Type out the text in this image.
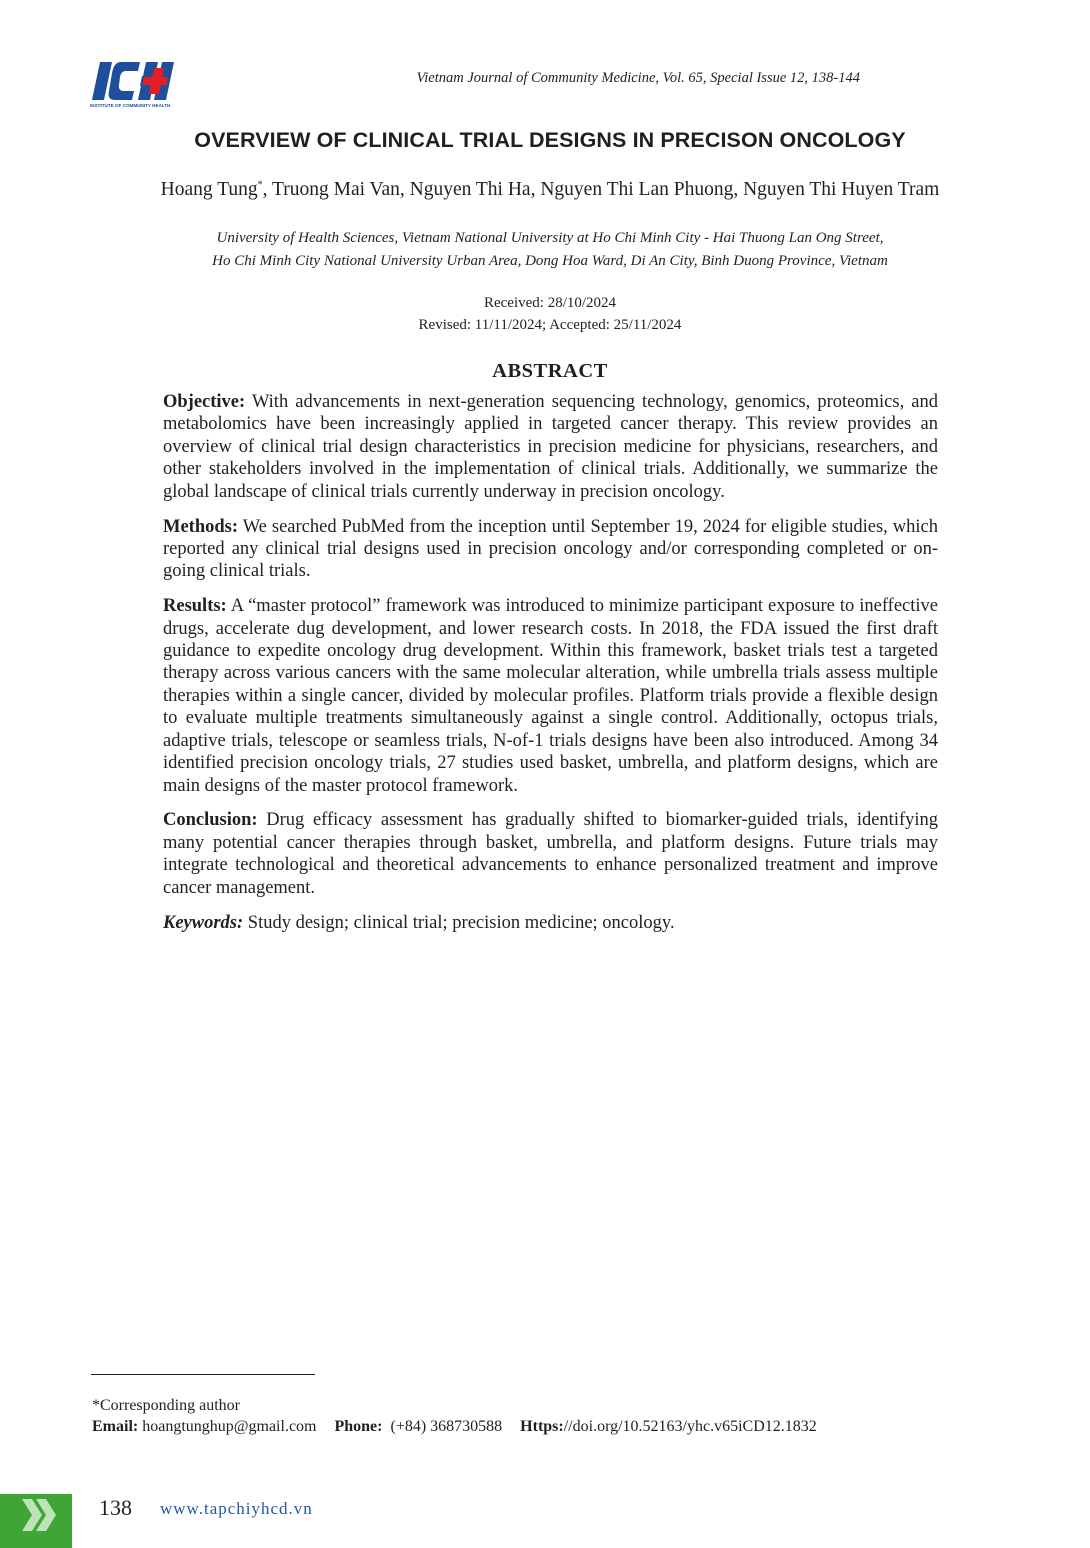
INSTITUTE OF COMMUNITY HEALTH
Vietnam Journal of Community Medicine, Vol. 65, Special Issue 12, 138-144
OVERVIEW OF CLINICAL TRIAL DESIGNS IN PRECISON ONCOLOGY
Hoang Tung*, Truong Mai Van, Nguyen Thi Ha, Nguyen Thi Lan Phuong, Nguyen Thi Huyen Tram
University of Health Sciences, Vietnam National University at Ho Chi Minh City - Hai Thuong Lan Ong Street,
Ho Chi Minh City National University Urban Area, Dong Hoa Ward, Di An City, Binh Duong Province, Vietnam
Received: 28/10/2024
Revised: 11/11/2024; Accepted: 25/11/2024
ABSTRACT

Objective: With advancements in next-generation sequencing technology, genomics, proteomics, and metabolomics have been increasingly applied in targeted cancer therapy. This review provides an overview of clinical trial design characteristics in precision medicine for physicians, researchers, and other stakeholders involved in the implementation of clinical trials. Additionally, we summarize the global landscape of clinical trials currently underway in precision oncology.

Methods: We searched PubMed from the inception until September 19, 2024 for eligible studies, which reported any clinical trial designs used in precision oncology and/or corresponding completed or on-going clinical trials.

Results: A “master protocol” framework was introduced to minimize participant exposure to ineffective drugs, accelerate dug development, and lower research costs. In 2018, the FDA issued the first draft guidance to expedite oncology drug development. Within this framework, basket trials test a targeted therapy across various cancers with the same molecular alteration, while umbrella trials assess multiple therapies within a single cancer, divided by molecular profiles. Platform trials provide a flexible design to evaluate multiple treatments simultaneously against a single control. Additionally, octopus trials, adaptive trials, telescope or seamless trials, N-of-1 trials designs have been also introduced. Among 34 identified precision oncology trials, 27 studies used basket, umbrella, and platform designs, which are main designs of the master protocol framework.

Conclusion: Drug efficacy assessment has gradually shifted to biomarker-guided trials, identifying many potential cancer therapies through basket, umbrella, and platform designs. Future trials may integrate technological and theoretical advancements to enhance personalized treatment and improve cancer management.

Keywords: Study design; clinical trial; precision medicine; oncology.

*Corresponding author
Email: hoangtunghup@gmail.com Phone: (+84) 368730588 Https://doi.org/10.52163/yhc.v65iCD12.1832
138 www.tapchiyhcd.vn
